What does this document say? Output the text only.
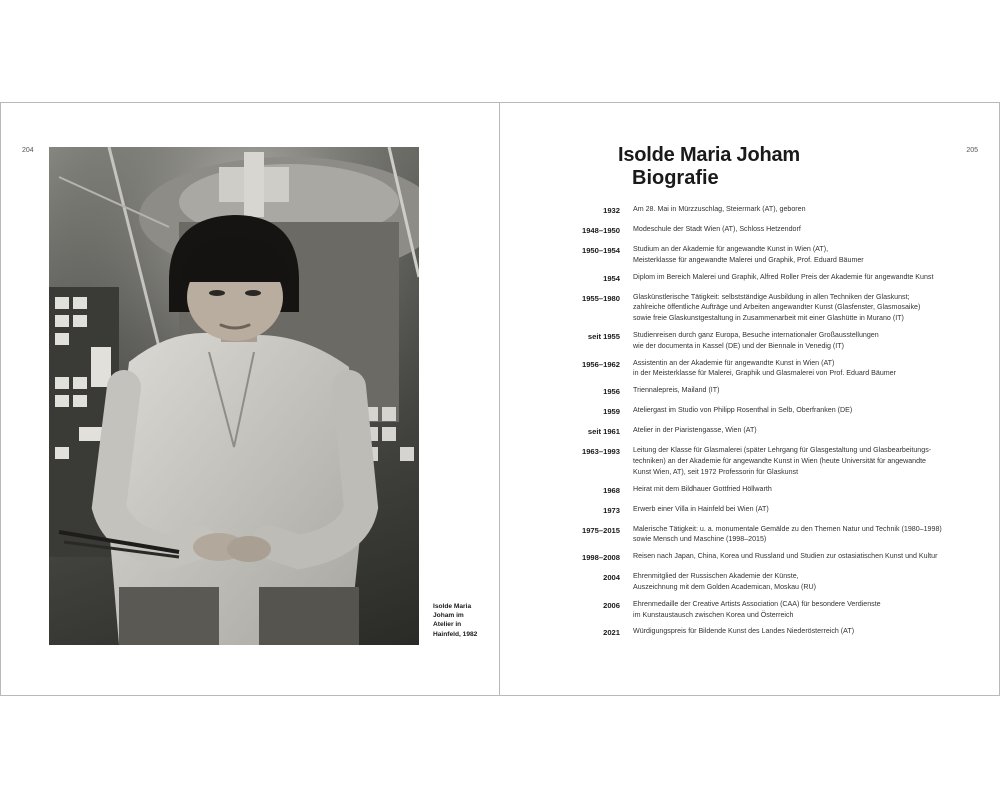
204
Isolde Maria
Joham im
Atelier in
Hainfeld, 1982
205
Isolde Maria Joham
Biografie
1932 Am 28. Mai in Mürzzuschlag, Steiermark (AT), geboren
1948–1950 Modeschule der Stadt Wien (AT), Schloss Hetzendorf
1950–1954 Studium an der Akademie für angewandte Kunst in Wien (AT),
Meisterklasse für angewandte Malerei und Graphik, Prof. Eduard Bäumer
1954 Diplom im Bereich Malerei und Graphik, Alfred Roller Preis der Akademie für angewandte Kunst
1955–1980 Glaskünstlerische Tätigkeit: selbstständige Ausbildung in allen Techniken der Glaskunst;
zahlreiche öffentliche Aufträge und Arbeiten angewandter Kunst (Glasfenster, Glasmosaike)
sowie freie Glaskunstgestaltung in Zusammenarbeit mit einer Glashütte in Murano (IT)
seit 1955 Studienreisen durch ganz Europa, Besuche internationaler Großausstellungen
wie der documenta in Kassel (DE) und der Biennale in Venedig (IT)
1956–1962 Assistentin an der Akademie für angewandte Kunst in Wien (AT)
in der Meisterklasse für Malerei, Graphik und Glasmalerei von Prof. Eduard Bäumer
1956 Triennalepreis, Mailand (IT)
1959 Ateliergast im Studio von Philipp Rosenthal in Selb, Oberfranken (DE)
seit 1961 Atelier in der Piaristengasse, Wien (AT)
1963–1993 Leitung der Klasse für Glasmalerei (später Lehrgang für Glasgestaltung und Glasbearbeitungs-
techniken) an der Akademie für angewandte Kunst in Wien (heute Universität für angewandte
Kunst Wien, AT), seit 1972 Professorin für Glaskunst
1968 Heirat mit dem Bildhauer Gottfried Höllwarth
1973 Erwerb einer Villa in Hainfeld bei Wien (AT)
1975–2015 Malerische Tätigkeit: u. a. monumentale Gemälde zu den Themen Natur und Technik (1980–1998)
sowie Mensch und Maschine (1998–2015)
1998–2008 Reisen nach Japan, China, Korea und Russland und Studien zur ostasiatischen Kunst und Kultur
2004 Ehrenmitglied der Russischen Akademie der Künste,
Auszeichnung mit dem Golden Academican, Moskau (RU)
2006 Ehrenmedaille der Creative Artists Association (CAA) für besondere Verdienste
im Kunstaustausch zwischen Korea und Österreich
2021 Würdigungspreis für Bildende Kunst des Landes Niederösterreich (AT)
